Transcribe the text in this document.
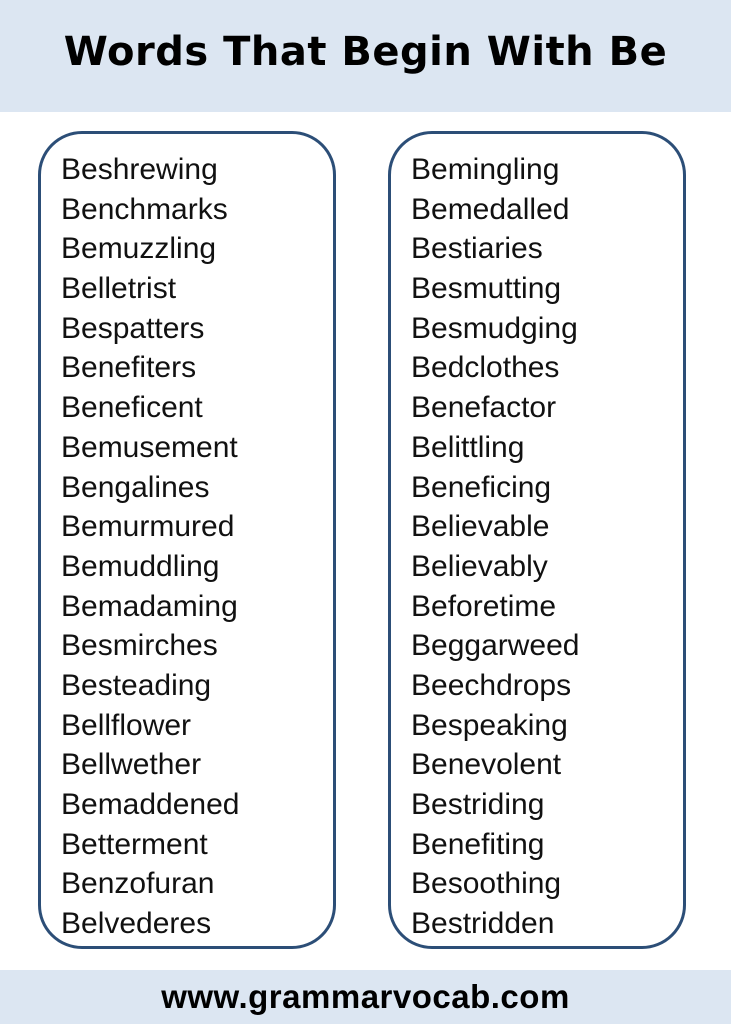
Words That Begin With Be
Beshrewing
Benchmarks
Bemuzzling
Belletrist
Bespatters
Benefiters
Beneficent
Bemusement
Bengalines
Bemurmured
Bemuddling
Bemadaming
Besmirches
Besteading
Bellflower
Bellwether
Bemaddened
Betterment
Benzofuran
Belvederes
Bemingling
Bemedalled
Bestiaries
Besmutting
Besmudging
Bedclothes
Benefactor
Belittling
Beneficing
Believable
Believably
Beforetime
Beggarweed
Beechdrops
Bespeaking
Benevolent
Bestriding
Benefiting
Besoothing
Bestridden
www.grammarvocab.com
